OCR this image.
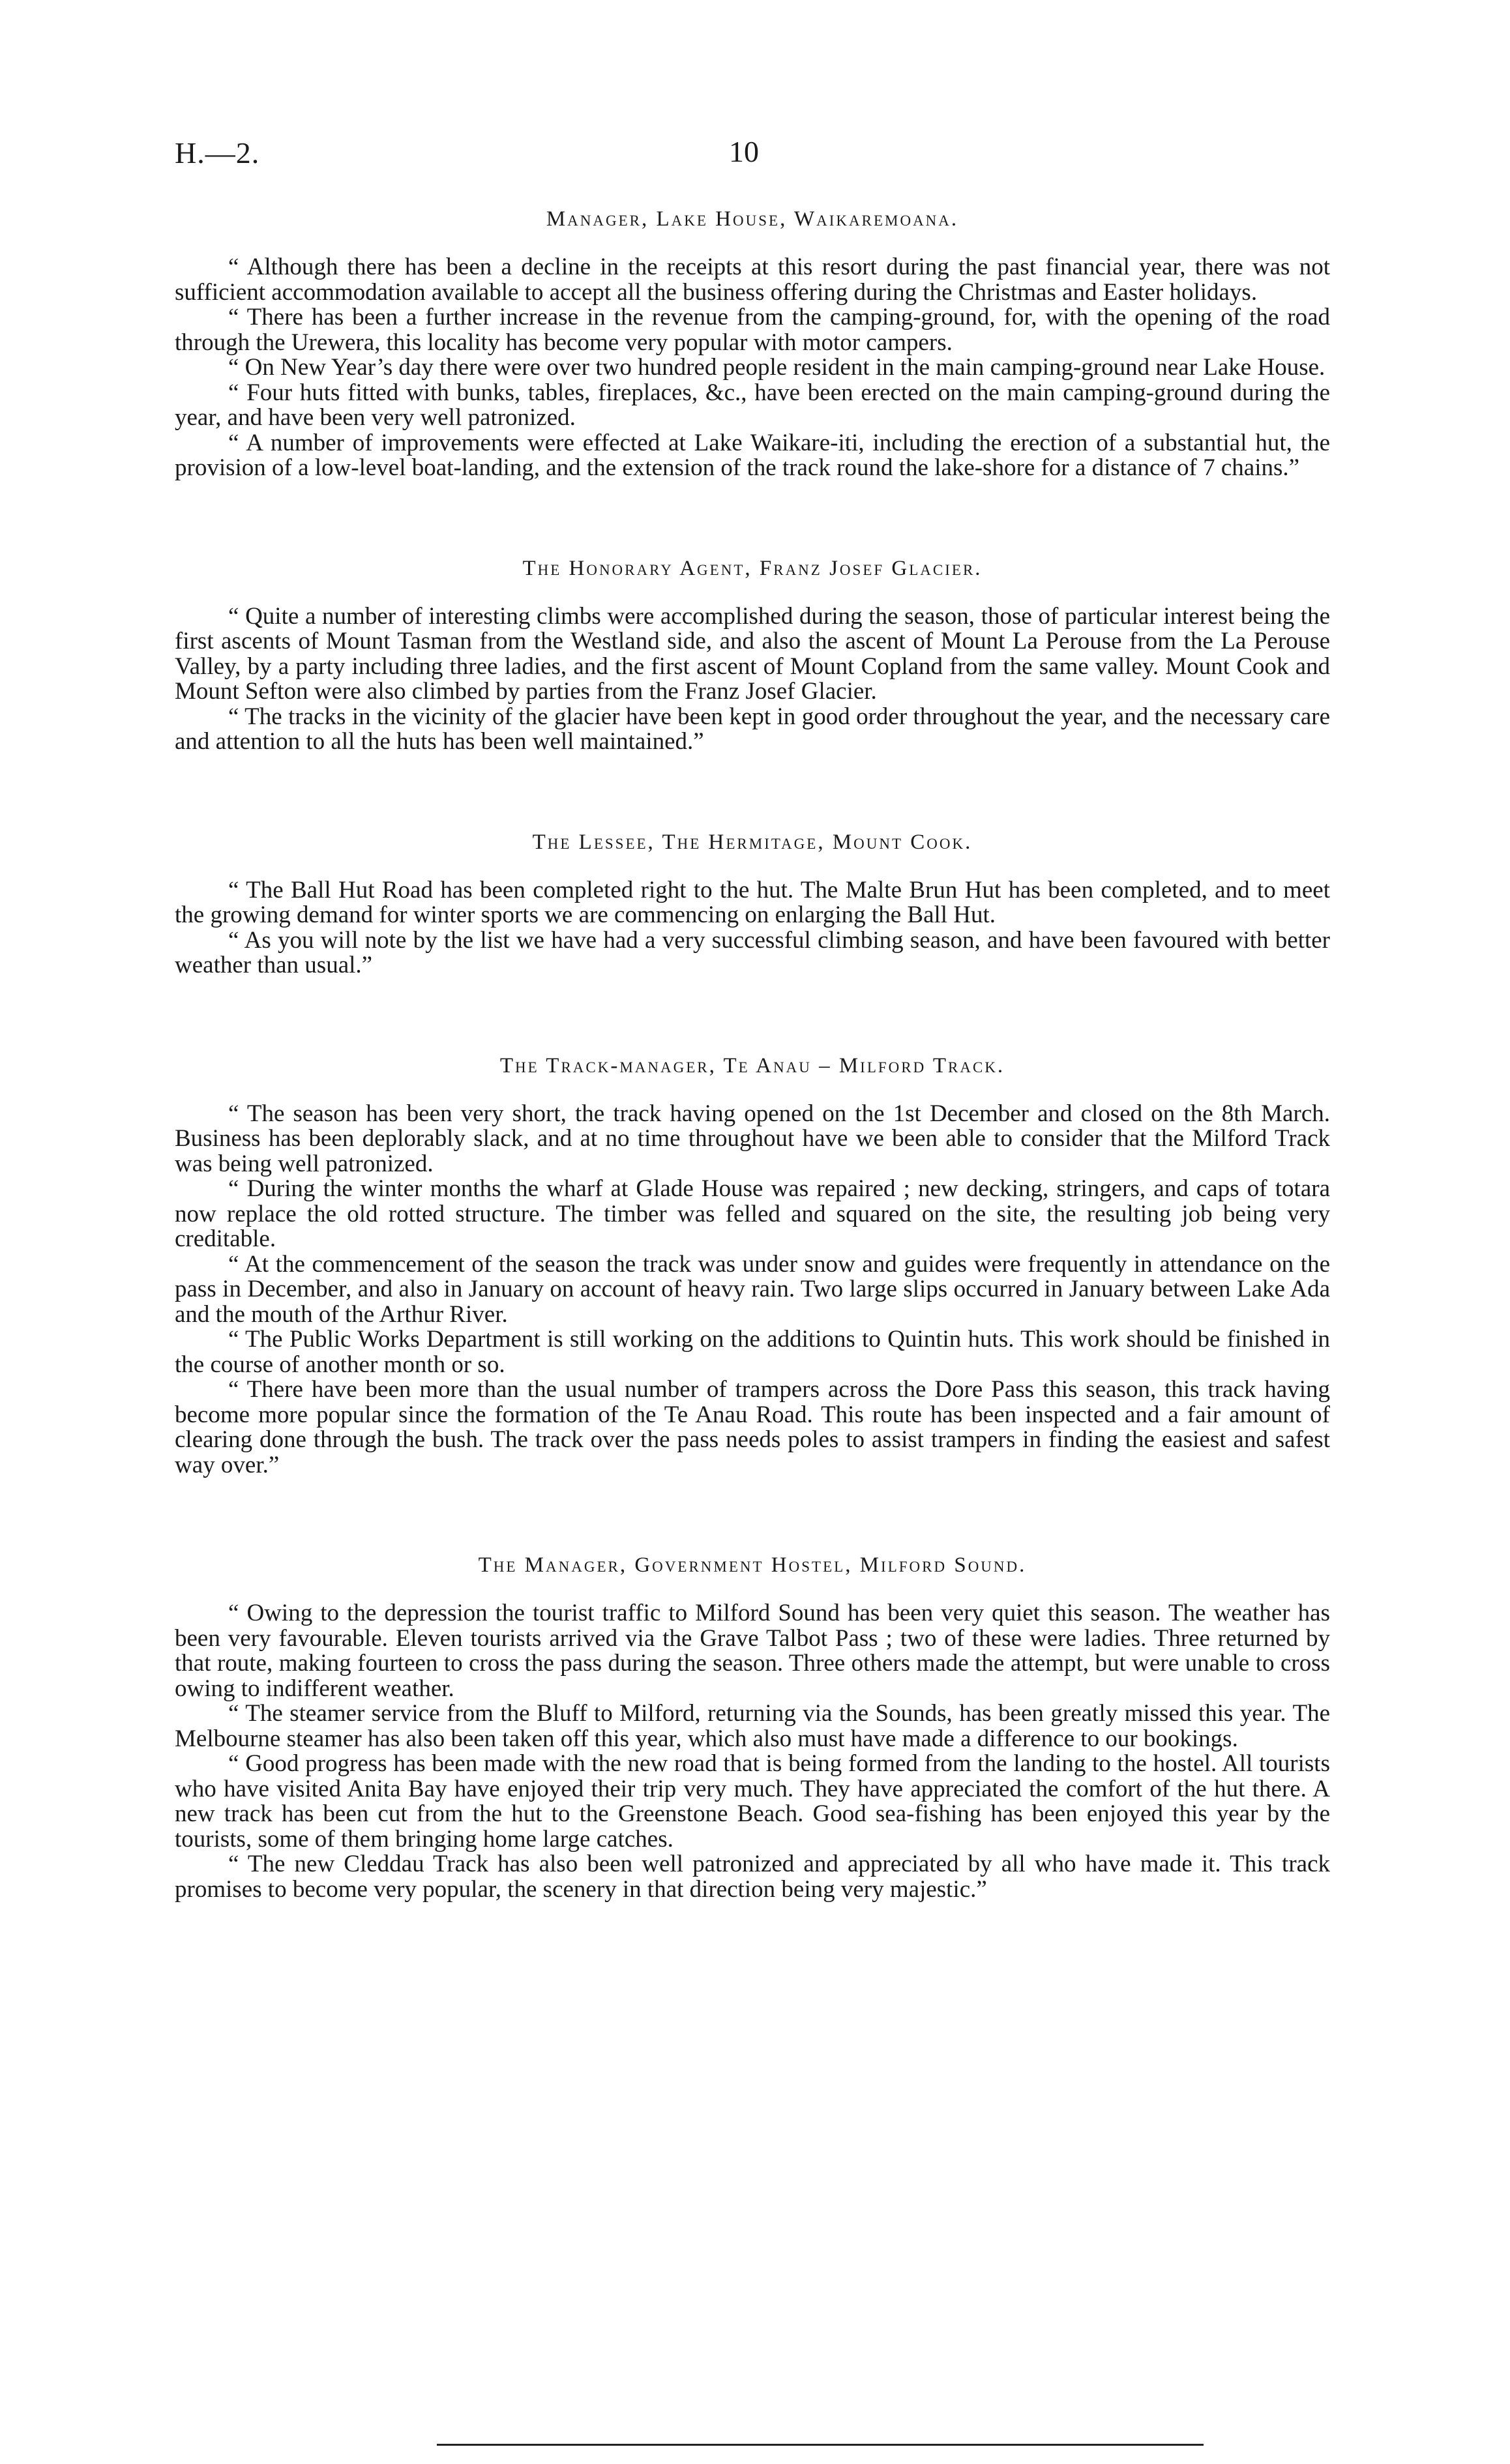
H.—2.	10
Manager, Lake House, Waikaremoana.

“ Although there has been a decline in the receipts at this resort during the past financial year, there was not sufficient accommodation available to accept all the business offering during the Christmas and Easter holidays.

“ There has been a further increase in the revenue from the camping-ground, for, with the opening of the road through the Urewera, this locality has become very popular with motor campers.

“ On New Year’s day there were over two hundred people resident in the main camping-ground near Lake House.

“ Four huts fitted with bunks, tables, fireplaces, &c., have been erected on the main camping-ground during the year, and have been very well patronized.

“ A number of improvements were effected at Lake Waikare-iti, including the erection of a substantial hut, the provision of a low-level boat-landing, and the extension of the track round the lake-shore for a distance of 7 chains.”

The Honorary Agent, Franz Josef Glacier.

“ Quite a number of interesting climbs were accomplished during the season, those of particular interest being the first ascents of Mount Tasman from the Westland side, and also the ascent of Mount La Perouse from the La Perouse Valley, by a party including three ladies, and the first ascent of Mount Copland from the same valley. Mount Cook and Mount Sefton were also climbed by parties from the Franz Josef Glacier.

“ The tracks in the vicinity of the glacier have been kept in good order throughout the year, and the necessary care and attention to all the huts has been well maintained.”

The Lessee, The Hermitage, Mount Cook.

“ The Ball Hut Road has been completed right to the hut. The Malte Brun Hut has been completed, and to meet the growing demand for winter sports we are commencing on enlarging the Ball Hut.

“ As you will note by the list we have had a very successful climbing season, and have been favoured with better weather than usual.”

The Track-manager, Te Anau – Milford Track.

“ The season has been very short, the track having opened on the 1st December and closed on the 8th March. Business has been deplorably slack, and at no time throughout have we been able to consider that the Milford Track was being well patronized.

“ During the winter months the wharf at Glade House was repaired ; new decking, stringers, and caps of totara now replace the old rotted structure. The timber was felled and squared on the site, the resulting job being very creditable.

“ At the commencement of the season the track was under snow and guides were frequently in attendance on the pass in December, and also in January on account of heavy rain. Two large slips occurred in January between Lake Ada and the mouth of the Arthur River.

“ The Public Works Department is still working on the additions to Quintin huts. This work should be finished in the course of another month or so.

“ There have been more than the usual number of trampers across the Dore Pass this season, this track having become more popular since the formation of the Te Anau Road. This route has been inspected and a fair amount of clearing done through the bush. The track over the pass needs poles to assist trampers in finding the easiest and safest way over.”

The Manager, Government Hostel, Milford Sound.

“ Owing to the depression the tourist traffic to Milford Sound has been very quiet this season. The weather has been very favourable. Eleven tourists arrived via the Grave Talbot Pass ; two of these were ladies. Three returned by that route, making fourteen to cross the pass during the season. Three others made the attempt, but were unable to cross owing to indifferent weather.

“ The steamer service from the Bluff to Milford, returning via the Sounds, has been greatly missed this year. The Melbourne steamer has also been taken off this year, which also must have made a difference to our bookings.

“ Good progress has been made with the new road that is being formed from the landing to the hostel. All tourists who have visited Anita Bay have enjoyed their trip very much. They have appreciated the comfort of the hut there. A new track has been cut from the hut to the Greenstone Beach. Good sea-fishing has been enjoyed this year by the tourists, some of them bringing home large catches.

“ The new Cleddau Track has also been well patronized and appreciated by all who have made it. This track promises to become very popular, the scenery in that direction being very majestic.”
